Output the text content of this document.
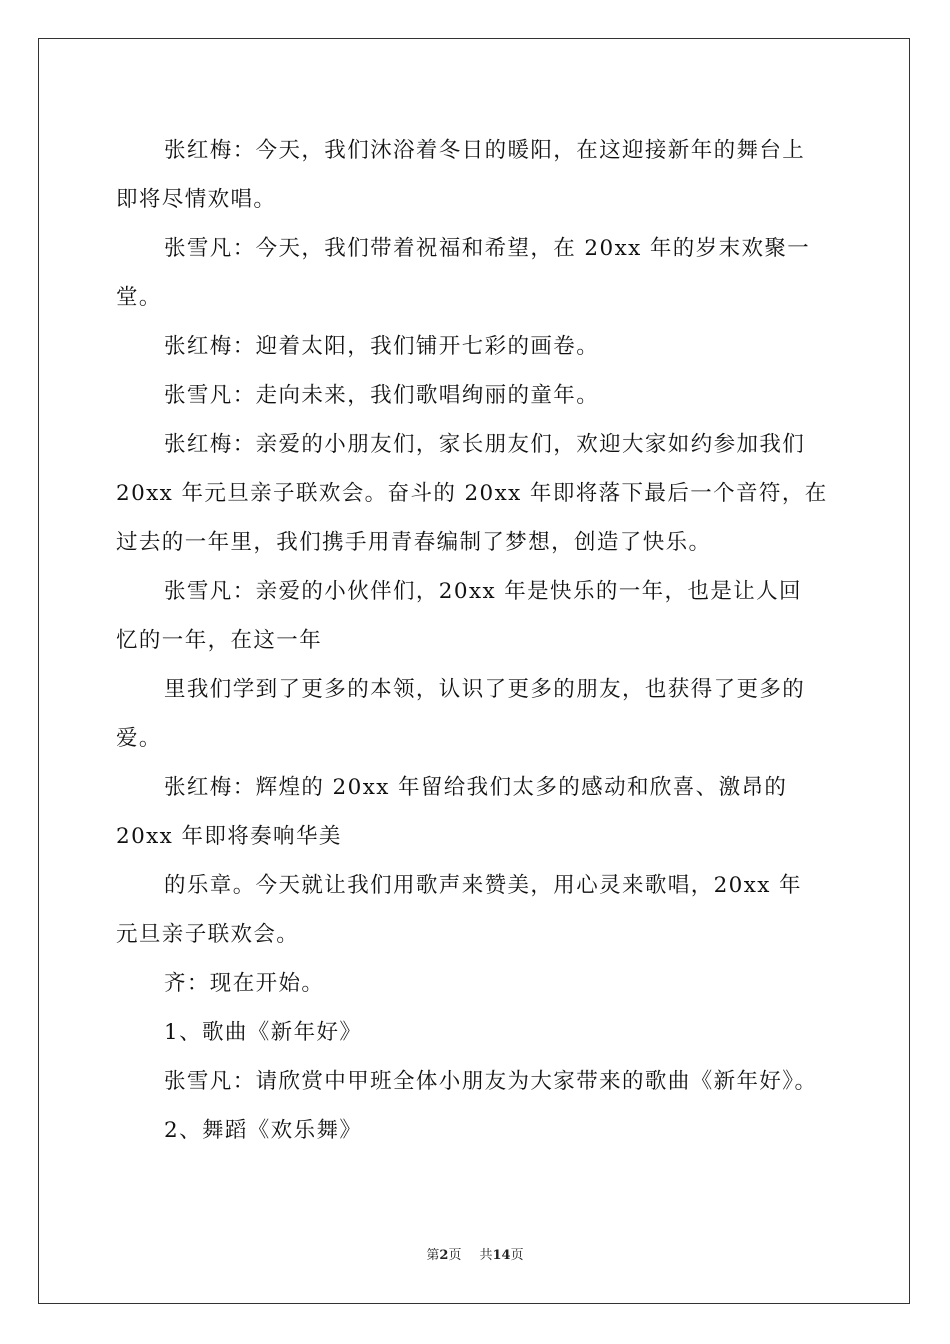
张红梅：今天，我们沐浴着冬日的暖阳，在这迎接新年的舞台上

即将尽情欢唱。

张雪凡：今天，我们带着祝福和希望，在 20xx 年的岁末欢聚一

堂。

张红梅：迎着太阳，我们铺开七彩的画卷。

张雪凡：走向未来，我们歌唱绚丽的童年。

张红梅：亲爱的小朋友们，家长朋友们，欢迎大家如约参加我们

20xx 年元旦亲子联欢会。奋斗的 20xx 年即将落下最后一个音符，在

过去的一年里，我们携手用青春编制了梦想，创造了快乐。

张雪凡：亲爱的小伙伴们，20xx 年是快乐的一年，也是让人回

忆的一年，在这一年

里我们学到了更多的本领，认识了更多的朋友，也获得了更多的

爱。

张红梅：辉煌的 20xx 年留给我们太多的感动和欣喜、激昂的

20xx 年即将奏响华美

的乐章。今天就让我们用歌声来赞美，用心灵来歌唱，20xx 年

元旦亲子联欢会。

齐：现在开始。

1、歌曲《新年好》

张雪凡：请欣赏中甲班全体小朋友为大家带来的歌曲《新年好》。

2、舞蹈《欢乐舞》

第2页 共14页
